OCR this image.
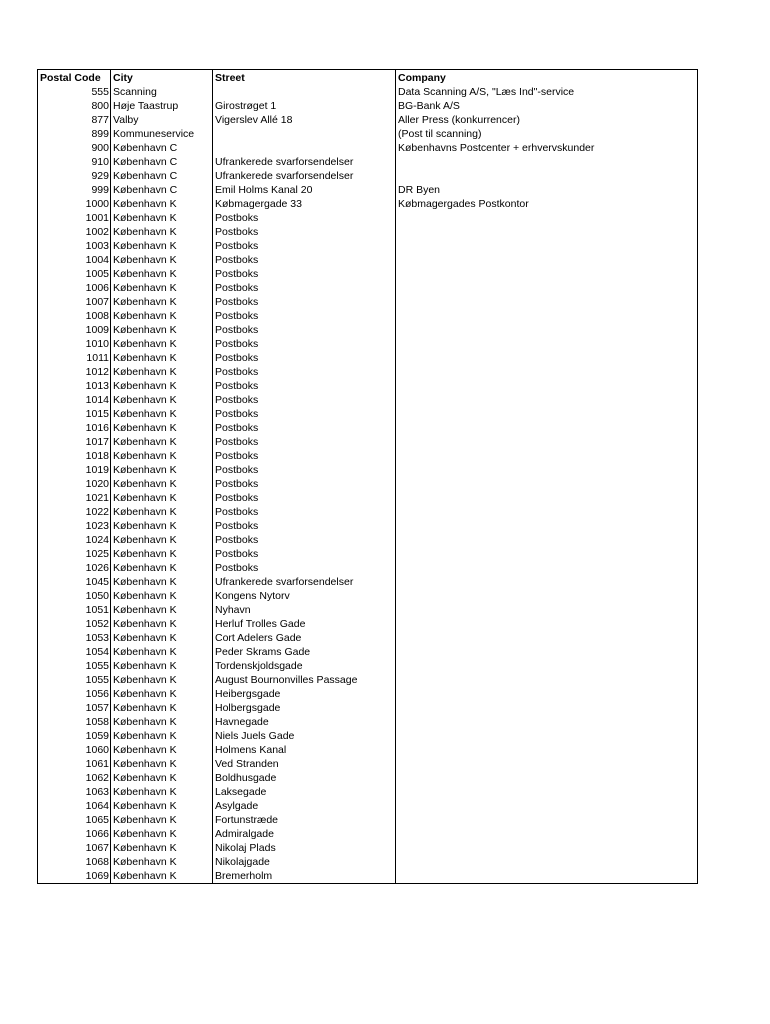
Postal Code	City	Street	Company
555	Scanning		Data Scanning A/S, "Læs Ind"-service
800	Høje Taastrup	Girostrøget 1	BG-Bank A/S
877	Valby	Vigerslev Allé 18	Aller Press (konkurrencer)
899	Kommuneservice		(Post til scanning)
900	København C		Københavns Postcenter + erhvervskunder
910	København C	Ufrankerede svarforsendelser	
929	København C	Ufrankerede svarforsendelser	
999	København C	Emil Holms Kanal 20	DR Byen
1000	København K	Købmagergade 33	Købmagergades Postkontor
1001	København K	Postboks	
1002	København K	Postboks	
1003	København K	Postboks	
1004	København K	Postboks	
1005	København K	Postboks	
1006	København K	Postboks	
1007	København K	Postboks	
1008	København K	Postboks	
1009	København K	Postboks	
1010	København K	Postboks	
1011	København K	Postboks	
1012	København K	Postboks	
1013	København K	Postboks	
1014	København K	Postboks	
1015	København K	Postboks	
1016	København K	Postboks	
1017	København K	Postboks	
1018	København K	Postboks	
1019	København K	Postboks	
1020	København K	Postboks	
1021	København K	Postboks	
1022	København K	Postboks	
1023	København K	Postboks	
1024	København K	Postboks	
1025	København K	Postboks	
1026	København K	Postboks	
1045	København K	Ufrankerede svarforsendelser	
1050	København K	Kongens Nytorv	
1051	København K	Nyhavn	
1052	København K	Herluf Trolles Gade	
1053	København K	Cort Adelers Gade	
1054	København K	Peder Skrams Gade	
1055	København K	Tordenskjoldsgade	
1055	København K	August Bournonvilles Passage	
1056	København K	Heibergsgade	
1057	København K	Holbergsgade	
1058	København K	Havnegade	
1059	København K	Niels Juels Gade	
1060	København K	Holmens Kanal	
1061	København K	Ved Stranden	
1062	København K	Boldhusgade	
1063	København K	Laksegade	
1064	København K	Asylgade	
1065	København K	Fortunstræde	
1066	København K	Admiralgade	
1067	København K	Nikolaj Plads	
1068	København K	Nikolajgade	
1069	København K	Bremerholm	
